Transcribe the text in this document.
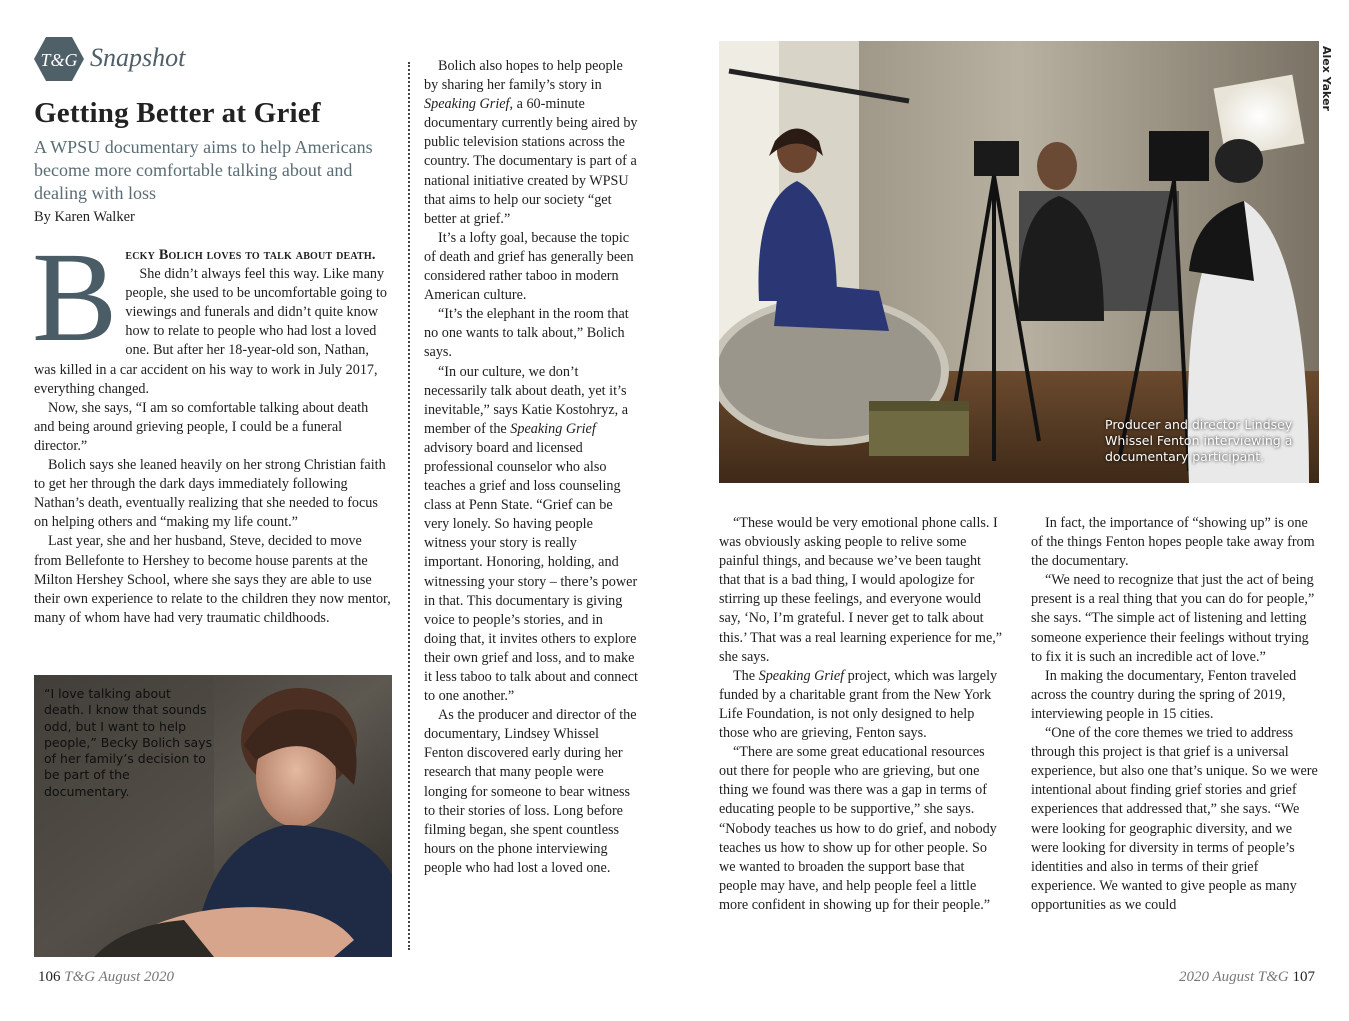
T&G Snapshot
Getting Better at Grief
A WPSU documentary aims to help Americans become more comfortable talking about and dealing with loss
By Karen Walker
B ecky Bolich loves to talk about death.
She didn’t always feel this way. Like many people, she used to be uncomfortable going to viewings and funerals and didn’t quite know how to relate to people who had lost a loved one. But after her 18-year-old son, Nathan, was killed in a car accident on his way to work in July 2017, everything changed.

Now, she says, “I am so comfortable talking about death and being around grieving people, I could be a funeral director.”

Bolich says she leaned heavily on her strong Christian faith to get her through the dark days immediately following Nathan’s death, eventually realizing that she needed to focus on helping others and “making my life count.”

Last year, she and her husband, Steve, decided to move from Bellefonte to Hershey to become house parents at the Milton Hershey School, where she says they are able to use their own experience to relate to the children they now mentor, many of whom have had very traumatic childhoods.

“I love talking about death. I know that sounds odd, but I want to help people,” Becky Bolich says of her family’s decision to be part of the documentary.

Bolich also hopes to help people by sharing her family’s story in Speaking Grief, a 60-minute documentary currently being aired by public television stations across the country. The documentary is part of a national initiative created by WPSU that aims to help our society “get better at grief.”

It’s a lofty goal, because the topic of death and grief has generally been considered rather taboo in modern American culture.

“It’s the elephant in the room that no one wants to talk about,” Bolich says.

“In our culture, we don’t necessarily talk about death, yet it’s inevitable,” says Katie Kostohryz, a member of the Speaking Grief advisory board and licensed professional counselor who also teaches a grief and loss counseling class at Penn State. “Grief can be very lonely. So having people witness your story is really important. Honoring, holding, and witnessing your story – there’s power in that. This documentary is giving voice to people’s stories, and in doing that, it invites others to explore their own grief and loss, and to make it less taboo to talk about and connect to one another.”

As the producer and director of the documentary, Lindsey Whissel Fenton discovered early during her research that many people were longing for someone to bear witness to their stories of loss. Long before filming began, she spent countless hours on the phone interviewing people who had lost a loved one.

Producer and director Lindsey Whissel Fenton interviewing a documentary participant.
Alex Yaker

“These would be very emotional phone calls. I was obviously asking people to relive some painful things, and because we’ve been taught that that is a bad thing, I would apologize for stirring up these feelings, and everyone would say, ‘No, I’m grateful. I never get to talk about this.’ That was a real learning experience for me,” she says.

The Speaking Grief project, which was largely funded by a charitable grant from the New York Life Foundation, is not only designed to help those who are grieving, Fenton says.

“There are some great educational resources out there for people who are grieving, but one thing we found was there was a gap in terms of educating people to be supportive,” she says. “Nobody teaches us how to do grief, and nobody teaches us how to show up for other people. So we wanted to broaden the support base that people may have, and help people feel a little more confident in showing up for their people.”

In fact, the importance of “showing up” is one of the things Fenton hopes people take away from the documentary.

“We need to recognize that just the act of being present is a real thing that you can do for people,” she says. “The simple act of listening and letting someone experience their feelings without trying to fix it is such an incredible act of love.”

In making the documentary, Fenton traveled across the country during the spring of 2019, interviewing people in 15 cities.

“One of the core themes we tried to address through this project is that grief is a universal experience, but also one that’s unique. So we were intentional about finding grief stories and grief experiences that addressed that,” she says. “We were looking for geographic diversity, and we were looking for diversity in terms of people’s identities and also in terms of their grief experience. We wanted to give people as many opportunities as we could

106 T&G August 2020	2020 August T&G 107
